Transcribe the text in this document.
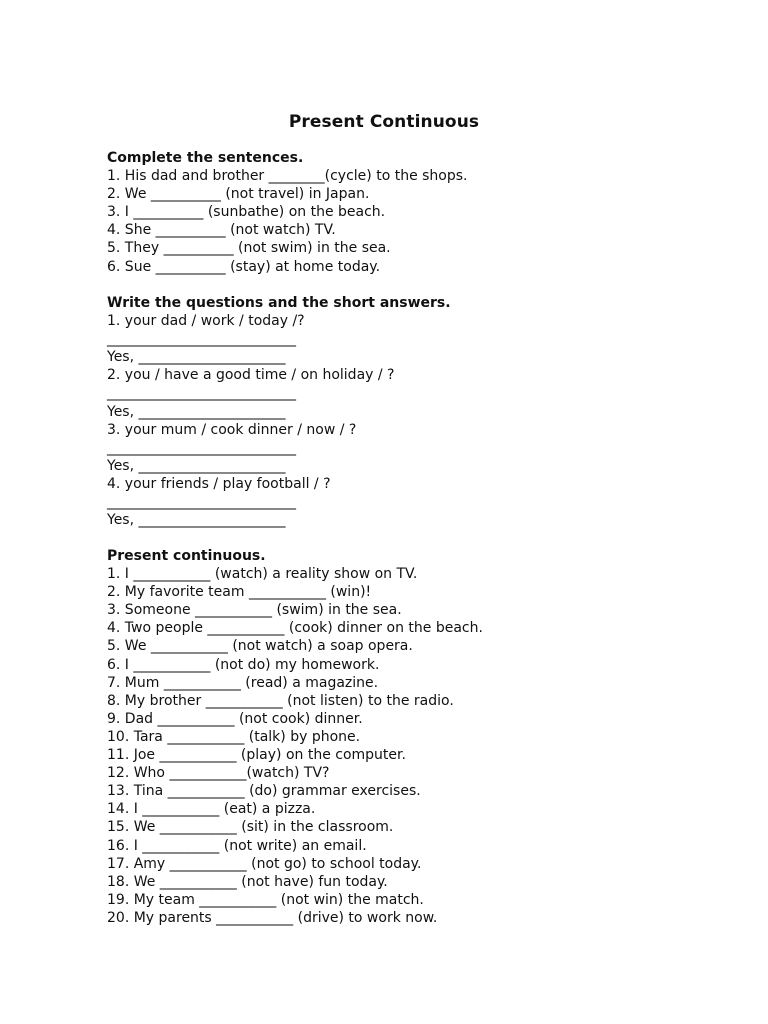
Present Continuous
Complete the sentences.
1. His dad and brother ________(cycle) to the shops.
2. We __________ (not travel) in Japan.
3. I __________ (sunbathe) on the beach.
4. She __________ (not watch) TV.
5. They __________ (not swim) in the sea.
6. Sue __________ (stay) at home today.
Write the questions and the short answers.
1. your dad / work / today /?
___________________________
Yes, _____________________
2. you / have a good time / on holiday / ?
___________________________
Yes, _____________________
3. your mum / cook dinner / now / ?
___________________________
Yes, _____________________
4. your friends / play football / ?
___________________________
Yes, _____________________
Present continuous.
1. I ___________ (watch) a reality show on TV.
2. My favorite team ___________ (win)!
3. Someone ___________ (swim) in the sea.
4. Two people ___________ (cook) dinner on the beach.
5. We ___________ (not watch) a soap opera.
6. I ___________ (not do) my homework.
7. Mum ___________ (read) a magazine.
8. My brother ___________ (not listen) to the radio.
9. Dad ___________ (not cook) dinner.
10. Tara ___________ (talk) by phone.
11. Joe ___________ (play) on the computer.
12. Who ___________(watch) TV?
13. Tina ___________ (do) grammar exercises.
14. I ___________ (eat) a pizza.
15. We ___________ (sit) in the classroom.
16. I ___________ (not write) an email.
17. Amy ___________ (not go) to school today.
18. We ___________ (not have) fun today.
19. My team ___________ (not win) the match.
20. My parents ___________ (drive) to work now.
